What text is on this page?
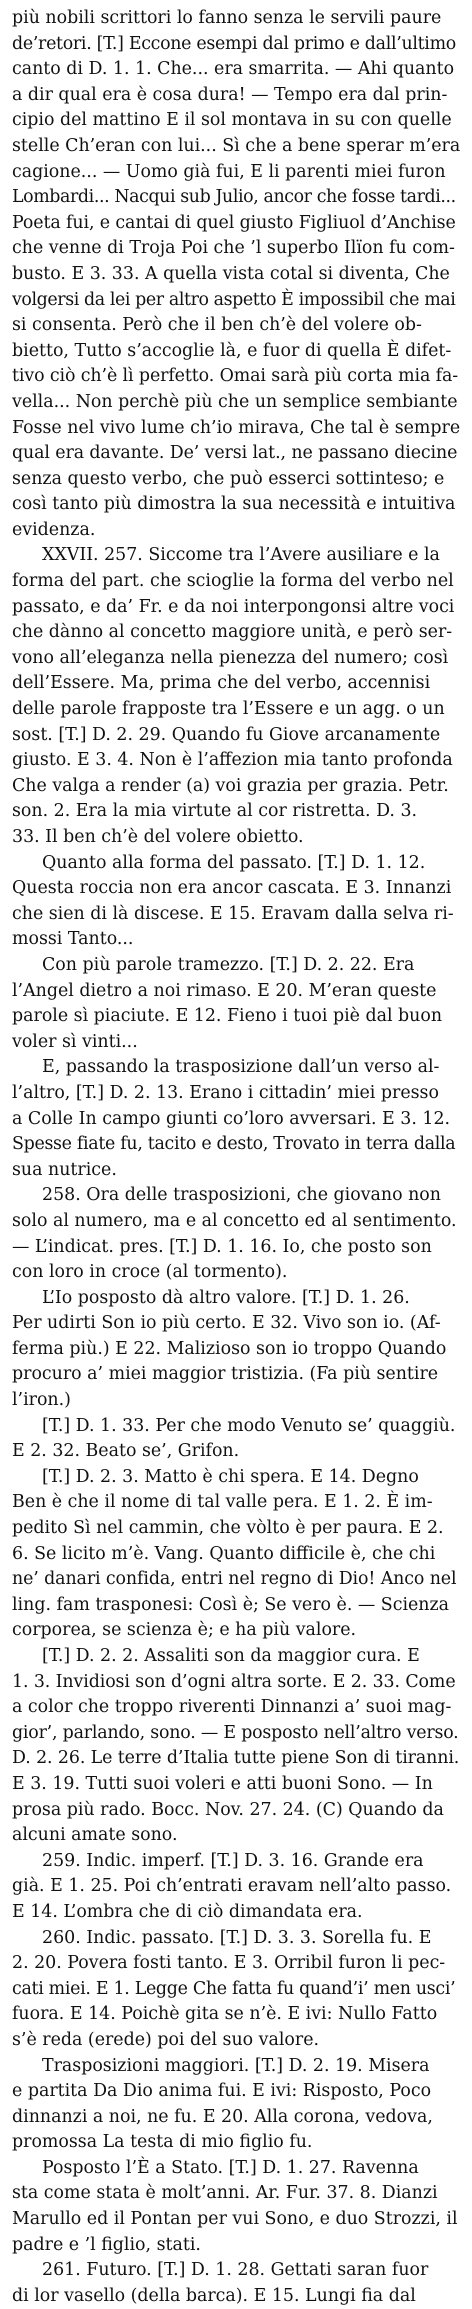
più nobili scrittori lo fanno senza le servili paure
de’retori. [T.] Eccone esempi dal primo e dall’ultimo
canto di D. 1. 1. Che... era smarrita. — Ahi quanto
a dir qual era è cosa dura! — Tempo era dal prin-
cipio del mattino E il sol montava in su con quelle
stelle Ch’eran con lui... Sì che a bene sperar m’era
cagione... — Uomo già fui, E li parenti miei furon
Lombardi... Nacqui sub Julio, ancor che fosse tardi...
Poeta fui, e cantai di quel giusto Figliuol d’Anchise
che venne di Troja Poi che ’l superbo Ilïon fu com-
busto. E 3. 33. A quella vista cotal si diventa, Che
volgersi da lei per altro aspetto È impossibil che mai
si consenta. Però che il ben ch’è del volere ob-
biettο, Tutto s’accoglie là, e fuor di quella È difet-
tivo ciò ch’è lì perfetto. Omai sarà più corta mia fa-
vella... Non perchè più che un semplice sembiante
Fosse nel vivo lume ch’io mirava, Che tal è sempre
qual era davante. De’ versi lat., ne passano diecine
senza questo verbo, che può esserci sottinteso; e
così tanto più dimostra la sua necessità e intuitiva
evidenza.
XXVII. 257. Siccome tra l’Avere ausiliare e la
forma del part. che scioglie la forma del verbo nel
passato, e da’ Fr. e da noi interpongonsi altre voci
che dànno al concetto maggiore unità, e però ser-
vono all’eleganza nella pienezza del numero; così
dell’Essere. Ma, prima che del verbo, accennisi
delle parole frapposte tra l’Essere e un agg. o un
sost. [T.] D. 2. 29. Quando fu Giove arcanamente
giusto. E 3. 4. Non è l’affezion mia tanto profonda
Che valga a render (a) voi grazia per grazia. Petr.
son. 2. Era la mia virtute al cor ristretta. D. 3.
33. Il ben ch’è del volere obietto.
Quanto alla forma del passato. [T.] D. 1. 12.
Questa roccia non era ancor cascata. E 3. Innanzi
che sien di là discese. E 15. Eravam dalla selva ri-
mossi Tanto...
Con più parole tramezzo. [T.] D. 2. 22. Era
l’Angel dietro a noi rimaso. E 20. M’eran queste
parole sì piaciute. E 12. Fieno i tuoi piè dal buon
voler sì vinti...
E, passando la trasposizione dall’un verso al-
l’altro, [T.] D. 2. 13. Erano i cittadin’ miei presso
a Colle In campo giunti co’loro avversari. E 3. 12.
Spesse fiate fu, tacito e desto, Trovato in terra dalla
sua nutrice.
258. Ora delle trasposizioni, che giovano non
solo al numero, ma e al concetto ed al sentimento.
— L’indicat. pres. [T.] D. 1. 16. Io, che posto son
con loro in croce (al tormento).
L’Io posposto dà altro valore. [T.] D. 1. 26.
Per udirti Son io più certo. E 32. Vivo son io. (Af-
ferma più.) E 22. Malizioso son io troppo Quando
procuro a’ miei maggior tristizia. (Fa più sentire
l’iron.)
[T.] D. 1. 33. Per che modo Venuto se’ quaggiù.
E 2. 32. Beato se’, Grifon.
[T.] D. 2. 3. Matto è chi spera. E 14. Degno
Ben è che il nome di tal valle pera. E 1. 2. È im-
pedito Sì nel cammin, che vòlto è per paura. E 2.
6. Se licito m’è. Vang. Quanto difficile è, che chi
ne’ danari confida, entri nel regno di Dio! Anco nel
ling. fam trasponesi: Così è; Se vero è. — Scienza
corporea, se scienza è; e ha più valore.
[T.] D. 2. 2. Assaliti son da maggior cura. E
1. 3. Invidiosi son d’ogni altra sorte. E 2. 33. Come
a color che troppo riverenti Dinnanzi a’ suoi mag-
gior’, parlando, sono. — E posposto nell’altro verso.
D. 2. 26. Le terre d’Italia tutte piene Son di tiranni.
E 3. 19. Tutti suoi voleri e atti buoni Sono. — In
prosa più rado. Bocc. Nov. 27. 24. (C) Quando da
alcuni amate sono.
259. Indic. imperf. [T.] D. 3. 16. Grande era
già. E 1. 25. Poi ch’entrati eravam nell’alto passo.
E 14. L’ombra che di ciò dimandata era.
260. Indic. passato. [T.] D. 3. 3. Sorella fu. E
2. 20. Povera fosti tanto. E 3. Orribil furon li pec-
cati miei. E 1. Legge Che fatta fu quand’i’ men usci’
fuora. E 14. Poichè gita se n’è. E ivi: Nullo Fatto
s’è reda (erede) poi del suo valore.
Trasposizioni maggiori. [T.] D. 2. 19. Misera
e partita Da Dio anima fui. E ivi: Risposto, Poco
dinnanzi a noi, ne fu. E 20. Alla corona, vedova,
promossa La testa di mio figlio fu.
Posposto l’È a Stato. [T.] D. 1. 27. Ravenna
sta come stata è molt’anni. Ar. Fur. 37. 8. Dianzi
Marullo ed il Pontan per vui Sono, e duo Strozzi, il
padre e ’l figlio, stati.
261. Futuro. [T.] D. 1. 28. Gettati saran fuor
di lor vasello (della barca). E 15. Lungi fia dal
